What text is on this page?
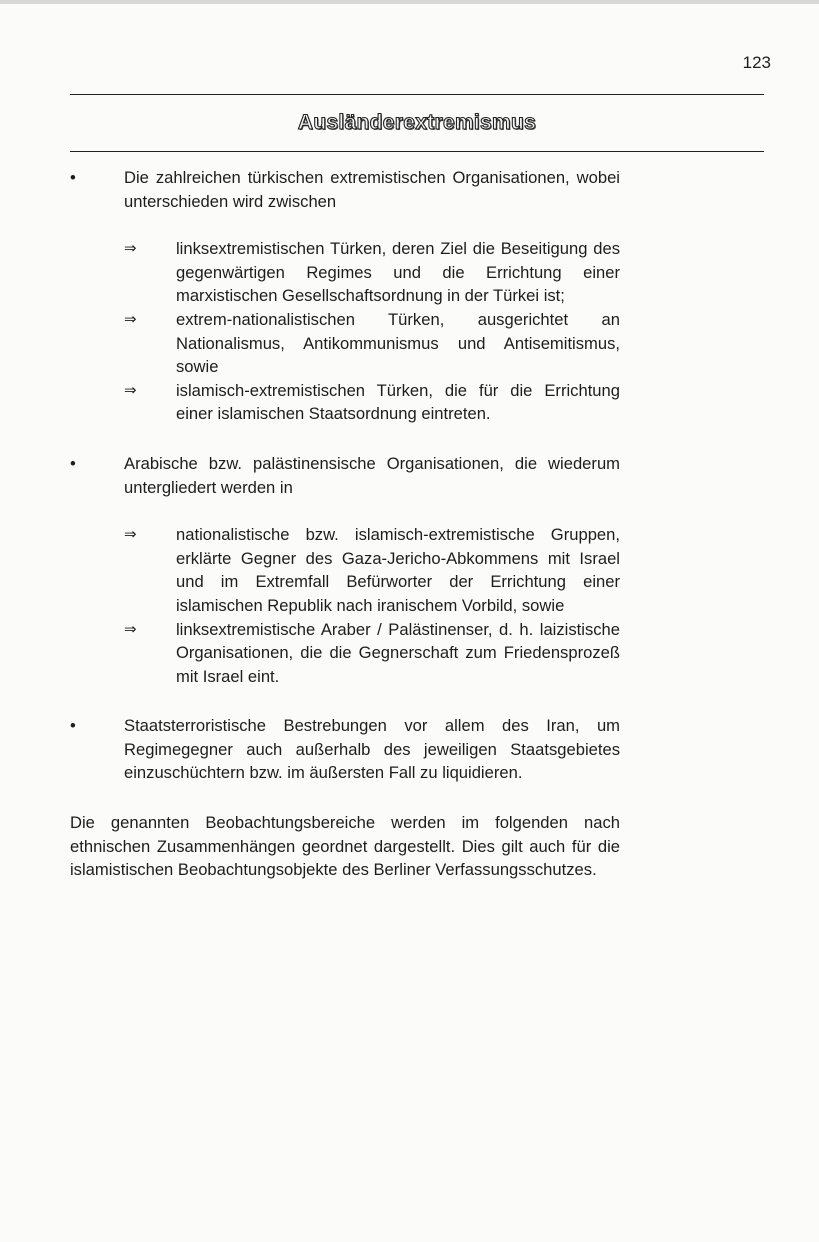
123
Ausländerextremismus
•	Die zahlreichen türkischen extremistischen Organisationen, wobei unterschieden wird zwischen
⇒ linksextremistischen Türken, deren Ziel die Beseitigung des gegenwärtigen Regimes und die Errichtung einer marxistischen Gesellschaftsordnung in der Türkei ist;
⇒ extrem-nationalistischen Türken, ausgerichtet an Nationalismus, Antikommunismus und Antisemitismus, sowie
⇒ islamisch-extremistischen Türken, die für die Errichtung einer islamischen Staatsordnung eintreten.
•	Arabische bzw. palästinensische Organisationen, die wiederum untergliedert werden in
⇒ nationalistische bzw. islamisch-extremistische Gruppen, erklärte Gegner des Gaza-Jericho-Abkommens mit Israel und im Extremfall Befürworter der Errichtung einer islamischen Republik nach iranischem Vorbild, sowie
⇒ linksextremistische Araber / Palästinenser, d. h. laizistische Organisationen, die die Gegnerschaft zum Friedensprozeß mit Israel eint.
•	Staatsterroristische Bestrebungen vor allem des Iran, um Regimegegner auch außerhalb des jeweiligen Staatsgebietes einzuschüchtern bzw. im äußersten Fall zu liquidieren.
Die genannten Beobachtungsbereiche werden im folgenden nach ethnischen Zusammenhängen geordnet dargestellt. Dies gilt auch für die islamistischen Beobachtungsobjekte des Berliner Verfassungsschutzes.
